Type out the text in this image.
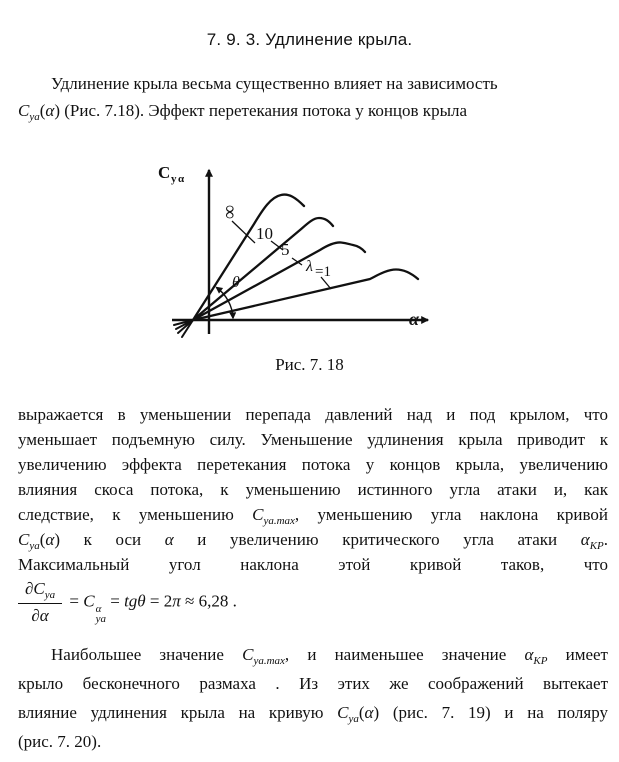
7. 9. 3. Удлинение крыла.
Удлинение крыла весьма существенно влияет на зависимость
$C_{уа}(\alpha)$ (Рис. 7.18). Эффект перетекания потока у концов крыла
C y α
∞
10
5
λ =1
θ
α
Рис. 7. 18
выражается в уменьшении перепада давлений над и под крылом, что
уменьшает подъемную силу. Уменьшение удлинения крыла приводит к
увеличению эффекта перетекания потока у концов крыла, увеличению
влияния скоса потока, к уменьшению истинного угла атаки и, как
следствие, к уменьшению $C_{уа.max}$, уменьшению угла наклона кривой
$C_{уа}(\alpha)$ к оси α и увеличению критического угла атаки $\alpha_{КР}$.
Максимальный угол наклона этой кривой таков, что
$\frac{\partial C_{уа}}{\partial\alpha} = C$ α
уа
= tgθ = 2π ≈ 6,28 .
Наибольшее значение $C_{уа.max}$, и наименьшее значение $\alpha_{КР}$ имеет
крыло бесконечного размаха . Из этих же соображений вытекает
влияние удлинения крыла на кривую $C_{уа}(\alpha)$ (рис. 7. 19) и на поляру
(рис. 7. 20).
